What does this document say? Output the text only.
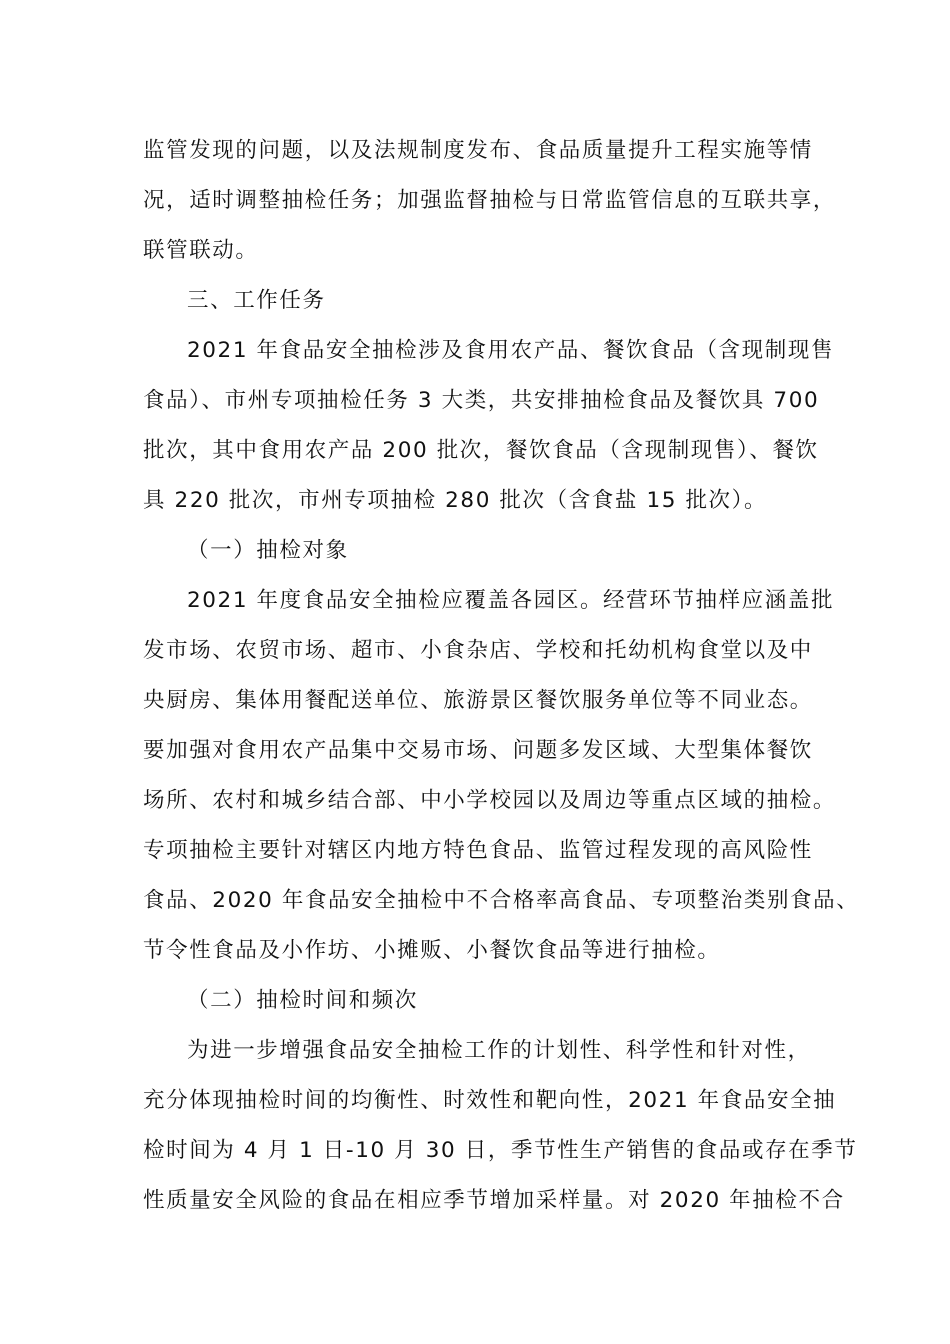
监管发现的问题，以及法规制度发布、食品质量提升工程实施等情
况，适时调整抽检任务；加强监督抽检与日常监管信息的互联共享，
联管联动。
三、工作任务
2021 年食品安全抽检涉及食用农产品、餐饮食品（含现制现售
食品）、市州专项抽检任务 3 大类，共安排抽检食品及餐饮具 700
批次，其中食用农产品 200 批次，餐饮食品（含现制现售）、餐饮
具 220 批次，市州专项抽检 280 批次（含食盐 15 批次）。
（一）抽检对象
2021 年度食品安全抽检应覆盖各园区。经营环节抽样应涵盖批
发市场、农贸市场、超市、小食杂店、学校和托幼机构食堂以及中
央厨房、集体用餐配送单位、旅游景区餐饮服务单位等不同业态。
要加强对食用农产品集中交易市场、问题多发区域、大型集体餐饮
场所、农村和城乡结合部、中小学校园以及周边等重点区域的抽检。
专项抽检主要针对辖区内地方特色食品、监管过程发现的高风险性
食品、2020 年食品安全抽检中不合格率高食品、专项整治类别食品、
节令性食品及小作坊、小摊贩、小餐饮食品等进行抽检。
（二）抽检时间和频次
为进一步增强食品安全抽检工作的计划性、科学性和针对性，
充分体现抽检时间的均衡性、时效性和靶向性，2021 年食品安全抽
检时间为 4 月 1 日-10 月 30 日，季节性生产销售的食品或存在季节
性质量安全风险的食品在相应季节增加采样量。对 2020 年抽检不合
